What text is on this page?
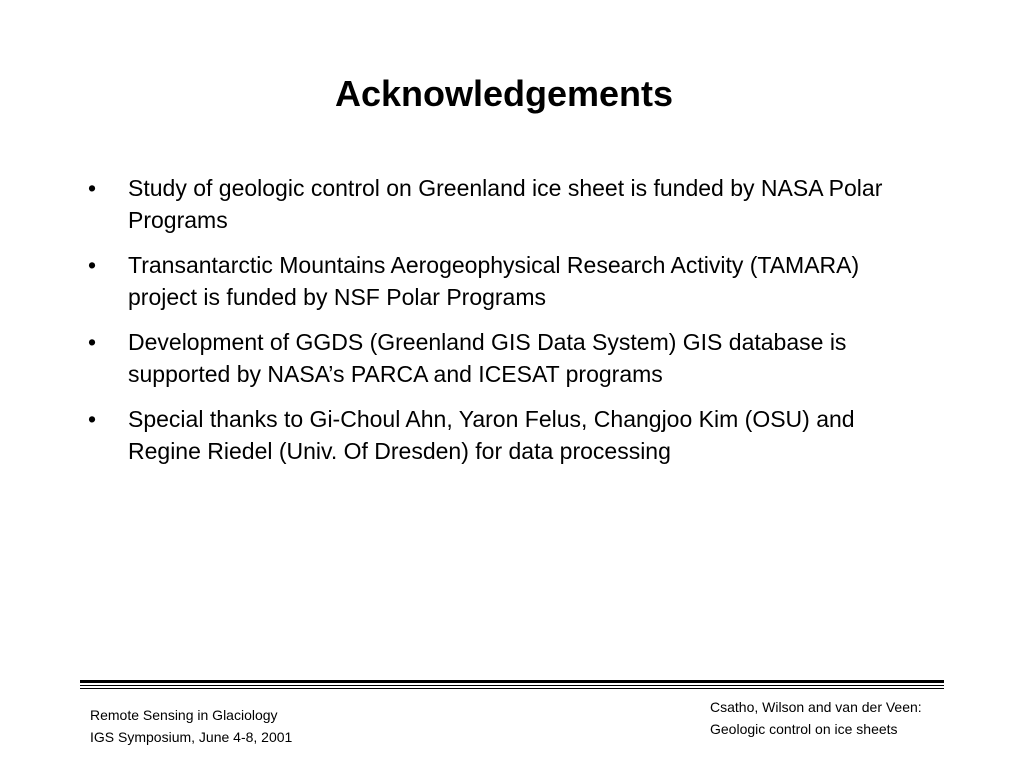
Acknowledgements
•	Study of geologic control on Greenland ice sheet is funded by NASA Polar Programs
•	Transantarctic Mountains Aerogeophysical Research Activity (TAMARA) project is funded by NSF Polar Programs
•	Development of GGDS (Greenland GIS Data System) GIS database is supported by NASA’s PARCA and ICESAT programs
•	Special thanks to Gi-Choul Ahn, Yaron Felus, Changjoo Kim (OSU) and Regine Riedel (Univ. Of Dresden) for data processing
Remote Sensing in Glaciology
IGS Symposium, June 4-8, 2001
Csatho, Wilson and van der Veen:
Geologic control on ice sheets
